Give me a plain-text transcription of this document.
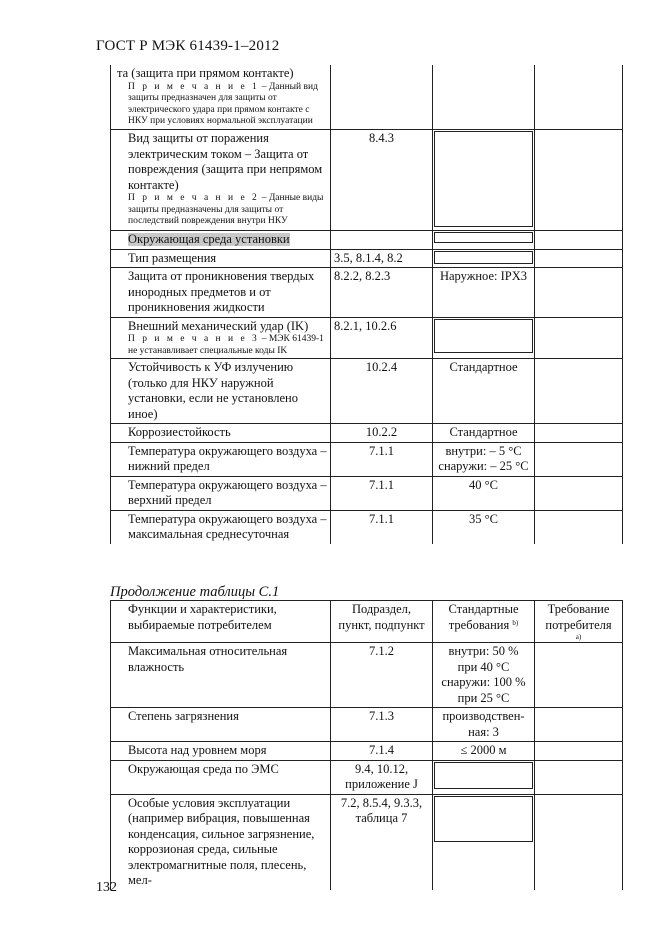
ГОСТ Р МЭК 61439-1–2012
та (защита при прямом контакте)
П р и м е ч а н и е 1 – Данный вид защиты предназначен для защиты от электрического удара при прямом контакте с НКУ при условиях нормальной эксплуатации			

Вид защиты от поражения электрическим током – Защита от повреждения (защита при непрямом контакте)
П р и м е ч а н и е 2 – Данные виды защиты предназначены для защиты от последствий повреждения внутри НКУ	8.4.3	

Окружающая среда установки			

Тип размещения	3.5, 8.1.4, 8.2	

Защита от проникновения твердых инородных предметов и от проникновения жидкости	8.2.2, 8.2.3	Наружное: IPX3	

Внешний механический удар (IK)
П р и м е ч а н и е 3 – МЭК 61439-1 не устанавливает специальные коды IK	8.2.1, 10.2.6	

Устойчивость к УФ излучению (только для НКУ наружной установки, если не установлено иное)	10.2.4	Стандартное	

Коррозиестойкость	10.2.2	Стандартное	

Температура окружающего воздуха – нижний предел	7.1.1	внутри: – 5 °С
снаружи: – 25 °С	

Температура окружающего воздуха – верхний предел	7.1.1	40 °С	

Температура окружающего воздуха – максимальная среднесуточная	7.1.1	35 °С	
Продолжение таблицы С.1
Функции и характеристики, выбираемые потребителем	Подраздел, пункт, подпункт	Стандартные требования $^{b)}$	Требование потребителя
a)

Максимальная относительная влажность	7.1.2	внутри: 50 %
при 40 °С
снаружи: 100 %
при 25 °С	

Степень загрязнения	7.1.3	производствен-
ная: 3	

Высота над уровнем моря	7.1.4	≤ 2000 м	

Окружающая среда по ЭМС	9.4, 10.12, приложение J	

Особые условия эксплуатации (например вибрация, повышенная конденсация, сильное загрязнение, коррозионая среда, сильные электромагнитные поля, плесень, мел-	7.2, 8.5.4, 9.3.3, таблица 7	

132
